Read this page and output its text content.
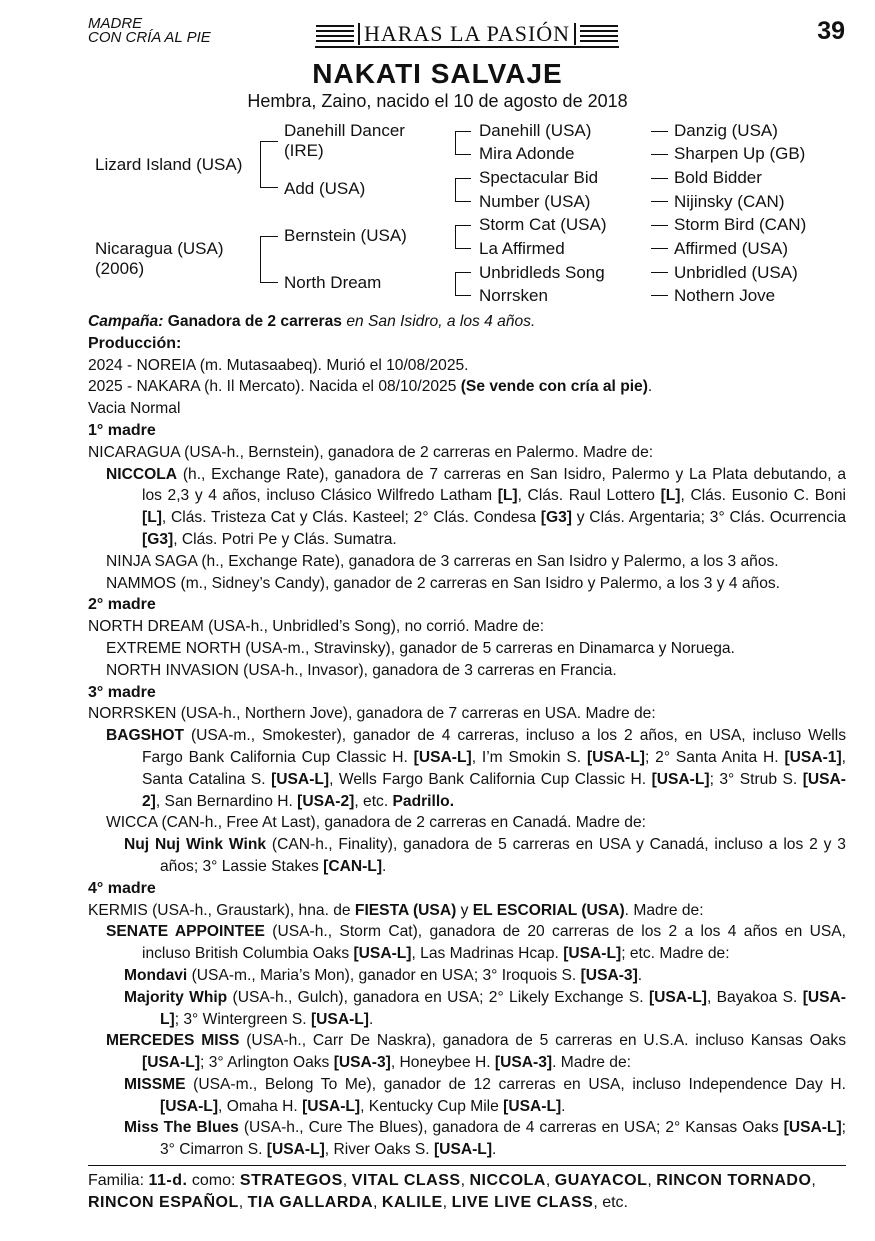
MADRE
CON CRÍA AL PIE	HARAS LA PASIÓN	39
NAKATI SALVAJE
Hembra, Zaino, nacido el 10 de agosto de 2018
Lizard Island (USA)
Nicaragua (USA)
(2006)
Danehill Dancer
(IRE)
Add (USA)
Bernstein (USA)
North Dream
Danehill (USA)
Mira Adonde
Spectacular Bid
Number (USA)
Storm Cat (USA)
La Affirmed
Unbridleds Song
Norrsken
Danzig (USA)
Sharpen Up (GB)
Bold Bidder
Nijinsky (CAN)
Storm Bird (CAN)
Affirmed (USA)
Unbridled (USA)
Nothern Jove

Campaña: Ganadora de 2 carreras en San Isidro, a los 4 años.

Producción:

2024 - NOREIA (m. Mutasaabeq). Murió el 10/08/2025.

2025 - NAKARA (h. Il Mercato). Nacida el 08/10/2025 (Se vende con cría al pie).

Vacia Normal

1° madre

NICARAGUA (USA-h., Bernstein), ganadora de 2 carreras en Palermo. Madre de:

NICCOLA (h., Exchange Rate), ganadora de 7 carreras en San Isidro, Palermo y La Plata debutando, a los 2,3 y 4 años, incluso Clásico Wilfredo Latham [L], Clás. Raul Lottero [L], Clás. Eusonio C. Boni [L], Clás. Tristeza Cat y Clás. Kasteel; 2° Clás. Condesa [G3] y Clás. Argentaria; 3° Clás. Ocurrencia [G3], Clás. Potri Pe y Clás. Sumatra.

NINJA SAGA (h., Exchange Rate), ganadora de 3 carreras en San Isidro y Palermo, a los 3 años.

NAMMOS (m., Sidney’s Candy), ganador de 2 carreras en San Isidro y Palermo, a los 3 y 4 años.

2° madre

NORTH DREAM (USA-h., Unbridled’s Song), no corrió. Madre de:

EXTREME NORTH (USA-m., Stravinsky), ganador de 5 carreras en Dinamarca y Noruega.

NORTH INVASION (USA-h., Invasor), ganadora de 3 carreras en Francia.

3° madre

NORRSKEN (USA-h., Northern Jove), ganadora de 7 carreras en USA. Madre de:

BAGSHOT (USA-m., Smokester), ganador de 4 carreras, incluso a los 2 años, en USA, incluso Wells Fargo Bank California Cup Classic H. [USA-L], I’m Smokin S. [USA-L]; 2° Santa Anita H. [USA-1], Santa Catalina S. [USA-L], Wells Fargo Bank California Cup Classic H. [USA-L]; 3° Strub S. [USA-2], San Bernardino H. [USA-2], etc. Padrillo.

WICCA (CAN-h., Free At Last), ganadora de 2 carreras en Canadá. Madre de:

Nuj Nuj Wink Wink (CAN-h., Finality), ganadora de 5 carreras en USA y Canadá, incluso a los 2 y 3 años; 3° Lassie Stakes [CAN-L].

4° madre

KERMIS (USA-h., Graustark), hna. de FIESTA (USA) y EL ESCORIAL (USA). Madre de:

SENATE APPOINTEE (USA-h., Storm Cat), ganadora de 20 carreras de los 2 a los 4 años en USA, incluso British Columbia Oaks [USA-L], Las Madrinas Hcap. [USA-L]; etc. Madre de:

Mondavi (USA-m., Maria’s Mon), ganador en USA; 3° Iroquois S. [USA-3].

Majority Whip (USA-h., Gulch), ganadora en USA; 2° Likely Exchange S. [USA-L], Bayakoa S. [USA-L]; 3° Wintergreen S. [USA-L].

MERCEDES MISS (USA-h., Carr De Naskra), ganadora de 5 carreras en U.S.A. incluso Kansas Oaks [USA-L]; 3° Arlington Oaks [USA-3], Honeybee H. [USA-3]. Madre de:

MISSME (USA-m., Belong To Me), ganador de 12 carreras en USA, incluso Independence Day H. [USA-L], Omaha H. [USA-L], Kentucky Cup Mile [USA-L].

Miss The Blues (USA-h., Cure The Blues), ganadora de 4 carreras en USA; 2° Kansas Oaks [USA-L]; 3° Cimarron S. [USA-L], River Oaks S. [USA-L].

Familia: 11-d. como: STRATEGOS, VITAL CLASS, NICCOLA, GUAYACOL, RINCON TORNADO, RINCON ESPAÑOL, TIA GALLARDA, KALILE, LIVE LIVE CLASS, etc.
